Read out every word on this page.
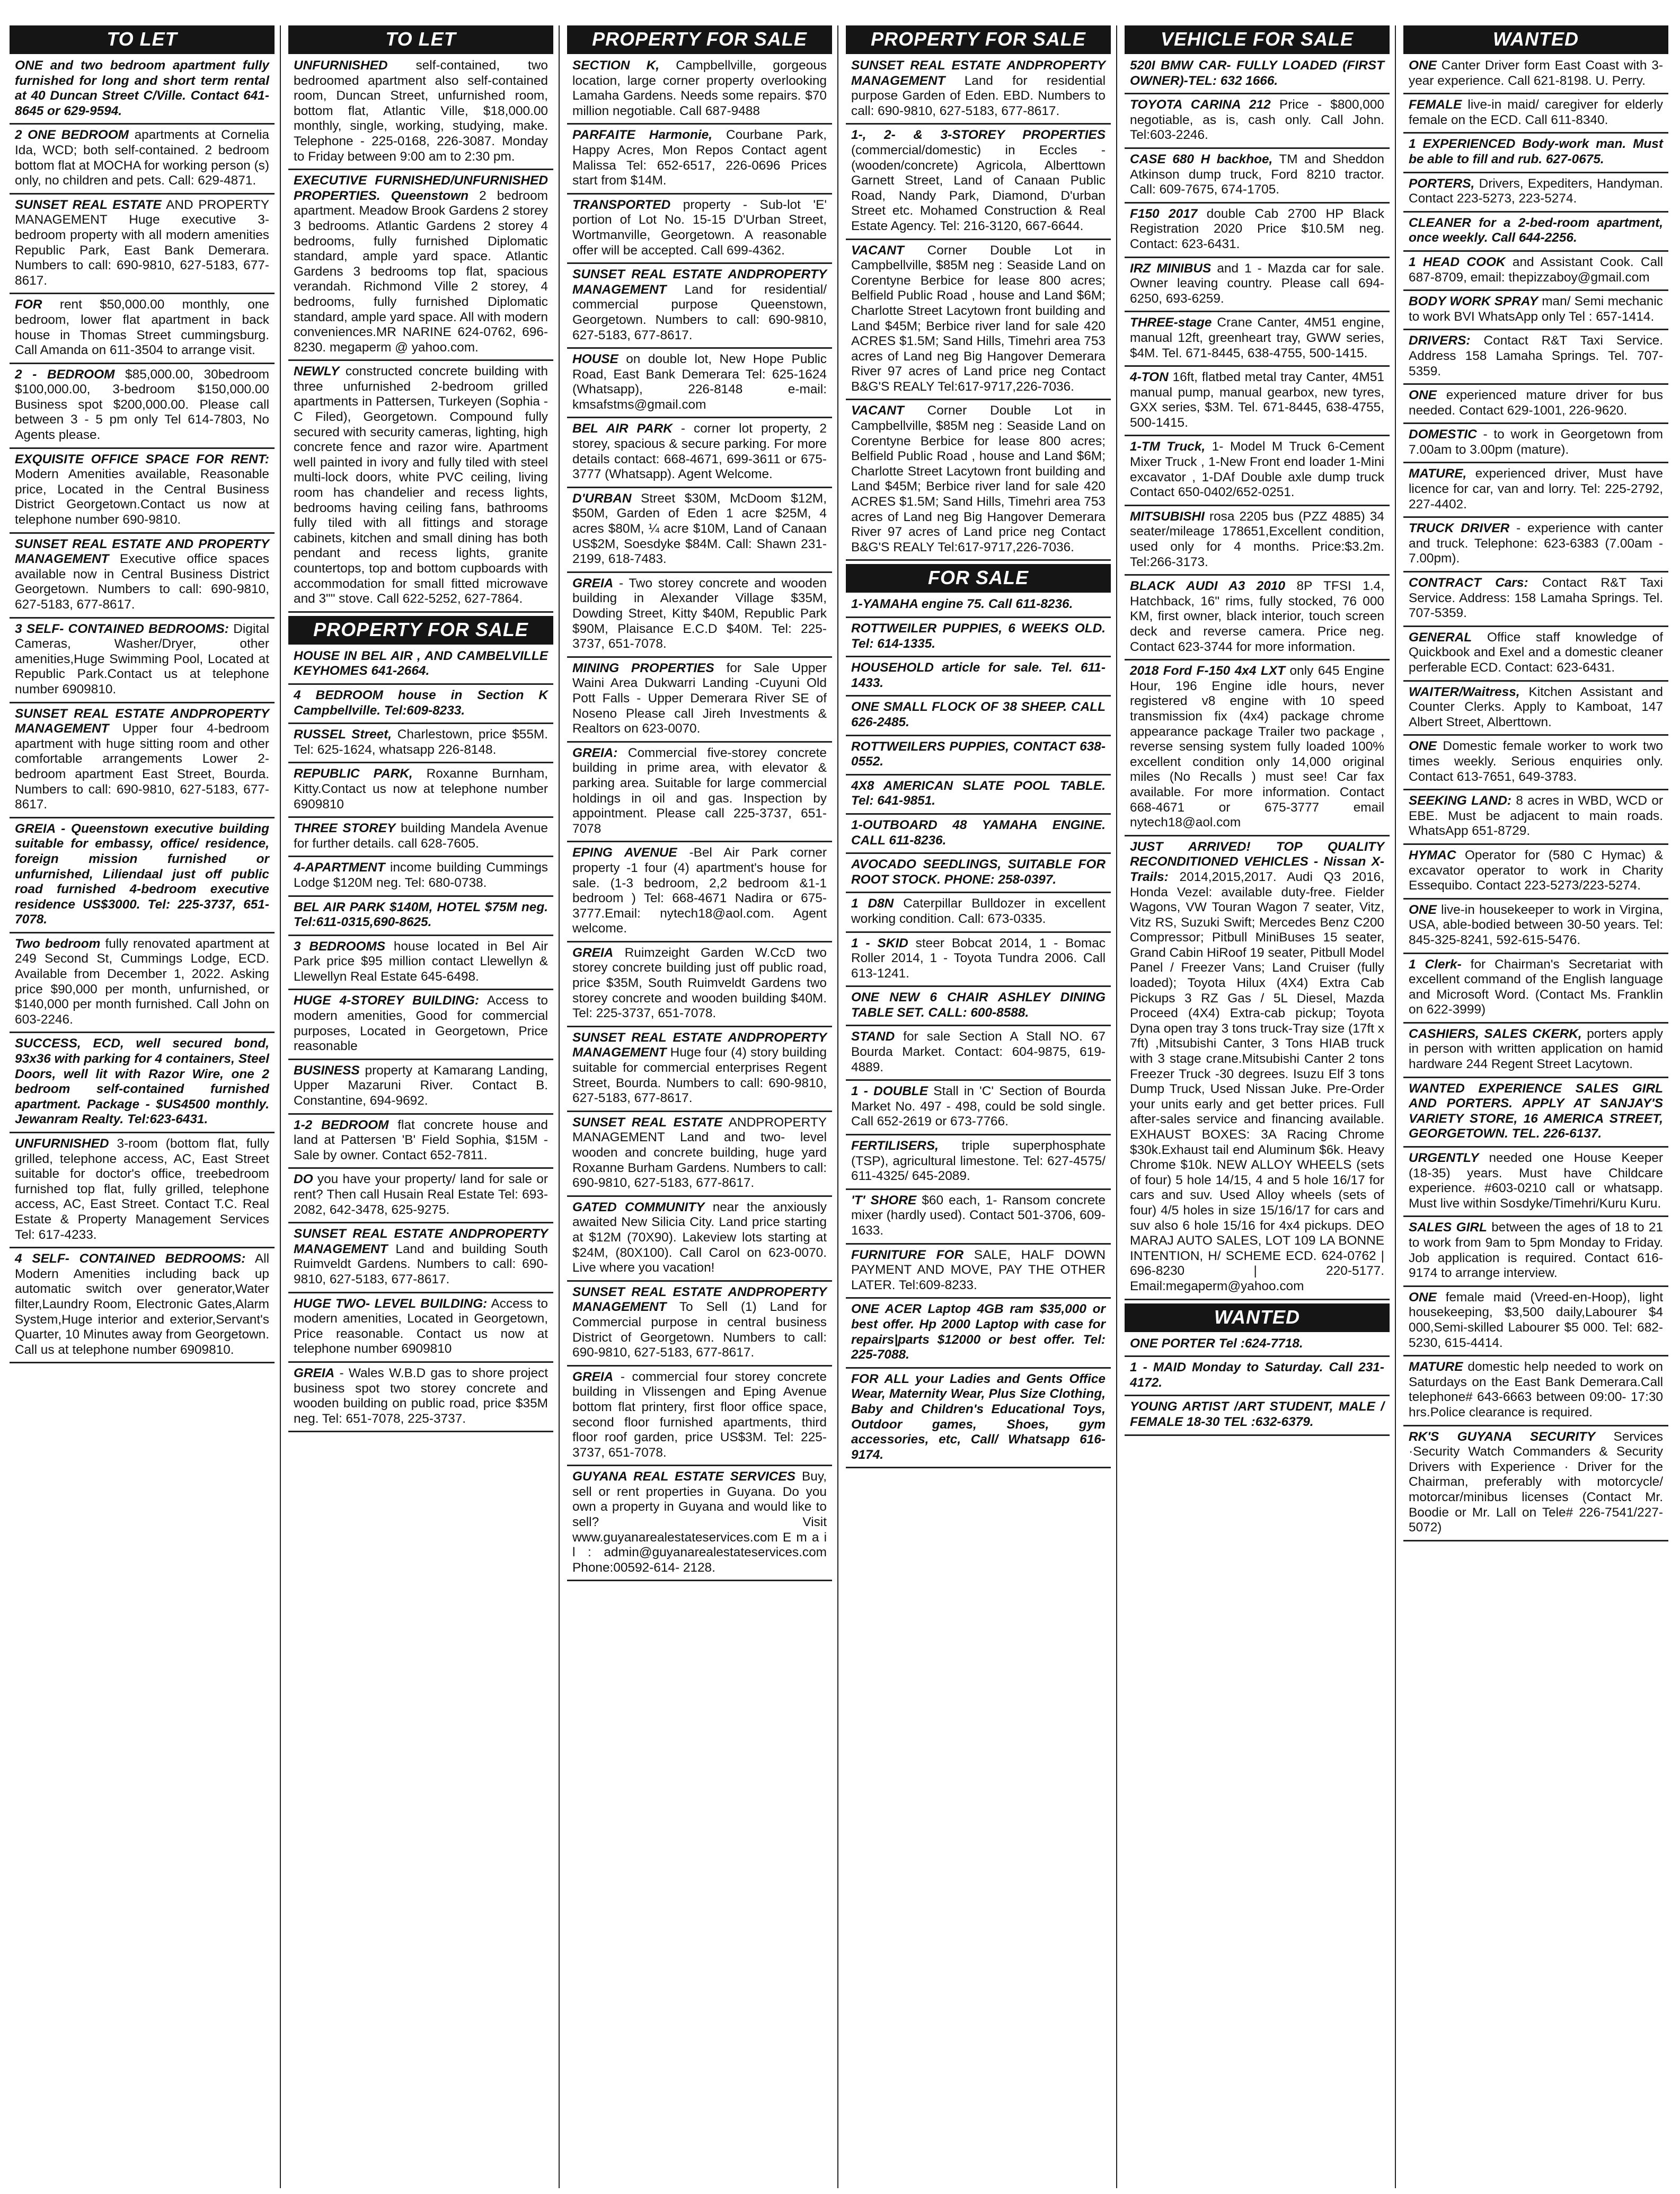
TO LET
ONE and two bedroom apartment fully furnished for long and short term rental at 40 Duncan Street C/Ville. Contact 641-8645 or 629-9594.
2 ONE BEDROOM apartments at Cornelia Ida, WCD; both self-contained. 2 bedroom bottom flat at MOCHA for working person (s) only, no children and pets. Call: 629-4871.
SUNSET REAL ESTATE AND PROPERTY MANAGEMENT Huge executive 3- bedroom property with all modern amenities Republic Park, East Bank Demerara. Numbers to call: 690-9810, 627-5183, 677-8617.
FOR rent $50,000.00 monthly, one bedroom, lower flat apartment in back house in Thomas Street cummingsburg. Call Amanda on 611-3504 to arrange visit.
2 - BEDROOM $85,000.00, 30bedroom $100,000.00, 3-bedroom $150,000.00 Business spot $200,000.00. Please call between 3 - 5 pm only Tel 614-7803, No Agents please.
EXQUISITE OFFICE SPACE FOR RENT: Modern Amenities available, Reasonable price, Located in the Central Business District Georgetown.Contact us now at telephone number 690-9810.
SUNSET REAL ESTATE AND PROPERTY MANAGEMENT Executive office spaces available now in Central Business District Georgetown. Numbers to call: 690-9810, 627-5183, 677-8617.
3 SELF- CONTAINED BEDROOMS: Digital Cameras, Washer/Dryer, other amenities,Huge Swimming Pool, Located at Republic Park.Contact us at telephone number 6909810.
SUNSET REAL ESTATE ANDPROPERTY MANAGEMENT Upper four 4-bedroom apartment with huge sitting room and other comfortable arrangements Lower 2-bedroom apartment East Street, Bourda. Numbers to call: 690-9810, 627-5183, 677-8617.
GREIA - Queenstown executive building suitable for embassy, office/ residence, foreign mission furnished or unfurnished, Liliendaal just off public road furnished 4-bedroom executive residence US$3000. Tel: 225-3737, 651-7078.
Two bedroom fully renovated apartment at 249 Second St, Cummings Lodge, ECD. Available from December 1, 2022. Asking price $90,000 per month, unfurnished, or $140,000 per month furnished. Call John on 603-2246.
SUCCESS, ECD, well secured bond, 93x36 with parking for 4 containers, Steel Doors, well lit with Razor Wire, one 2 bedroom self-contained furnished apartment. Package - $US4500 monthly. Jewanram Realty. Tel:623-6431.
UNFURNISHED 3-room (bottom flat, fully grilled, telephone access, AC, East Street suitable for doctor's office, treebedroom furnished top flat, fully grilled, telephone access, AC, East Street. Contact T.C. Real Estate & Property Management Services Tel: 617-4233.
4 SELF- CONTAINED BEDROOMS: All Modern Amenities including back up automatic switch over generator,Water filter,Laundry Room, Electronic Gates,Alarm System,Huge interior and exterior,Servant's Quarter, 10 Minutes away from Georgetown. Call us at telephone number 6909810.
TO LET
UNFURNISHED self-contained, two bedroomed apartment also self-contained room, Duncan Street, unfurnished room, bottom flat, Atlantic Ville, $18,000.00 monthly, single, working, studying, make. Telephone - 225-0168, 226-3087. Monday to Friday between 9:00 am to 2:30 pm.
EXECUTIVE FURNISHED/UNFURNISHED PROPERTIES. Queenstown 2 bedroom apartment. Meadow Brook Gardens 2 storey 3 bedrooms. Atlantic Gardens 2 storey 4 bedrooms, fully furnished Diplomatic standard, ample yard space. Atlantic Gardens 3 bedrooms top flat, spacious verandah. Richmond Ville 2 storey, 4 bedrooms, fully furnished Diplomatic standard, ample yard space. All with modern conveniences.MR NARINE 624-0762, 696-8230. megaperm @ yahoo.com.
NEWLY constructed concrete building with three unfurnished 2-bedroom grilled apartments in Pattersen, Turkeyen (Sophia - C Filed), Georgetown. Compound fully secured with security cameras, lighting, high concrete fence and razor wire. Apartment well painted in ivory and fully tiled with steel multi-lock doors, white PVC ceiling, living room has chandelier and recess lights, bedrooms having ceiling fans, bathrooms fully tiled with all fittings and storage cabinets, kitchen and small dining has both pendant and recess lights, granite countertops, top and bottom cupboards with accommodation for small fitted microwave and 3"" stove. Call 622-5252, 627-7864.
PROPERTY FOR SALE
HOUSE IN BEL AIR , AND CAMBELVILLE KEYHOMES 641-2664.
4 BEDROOM house in Section K Campbellville. Tel:609-8233.
RUSSEL Street, Charlestown, price $55M. Tel: 625-1624, whatsapp 226-8148.
REPUBLIC PARK, Roxanne Burnham, Kitty.Contact us now at telephone number 6909810
THREE STOREY building Mandela Avenue for further details. call 628-7605.
4-APARTMENT income building Cummings Lodge $120M neg. Tel: 680-0738.
BEL AIR PARK $140M, HOTEL $75M neg. Tel:611-0315,690-8625.
3 BEDROOMS house located in Bel Air Park price $95 million contact Llewellyn & Llewellyn Real Estate 645-6498.
HUGE 4-STOREY BUILDING: Access to modern amenities, Good for commercial purposes, Located in Georgetown, Price reasonable
BUSINESS property at Kamarang Landing, Upper Mazaruni River. Contact B. Constantine, 694-9692.
1-2 BEDROOM flat concrete house and land at Pattersen 'B' Field Sophia, $15M - Sale by owner. Contact 652-7811.
DO you have your property/ land for sale or rent? Then call Husain Real Estate Tel: 693-2082, 642-3478, 625-9275.
SUNSET REAL ESTATE ANDPROPERTY MANAGEMENT Land and building South Ruimveldt Gardens. Numbers to call: 690-9810, 627-5183, 677-8617.
HUGE TWO- LEVEL BUILDING: Access to modern amenities, Located in Georgetown, Price reasonable. Contact us now at telephone number 6909810
GREIA - Wales W.B.D gas to shore project business spot two storey concrete and wooden building on public road, price $35M neg. Tel: 651-7078, 225-3737.
PROPERTY FOR SALE
SECTION K, Campbellville, gorgeous location, large corner property overlooking Lamaha Gardens. Needs some repairs. $70 million negotiable. Call 687-9488
PARFAITE Harmonie, Courbane Park, Happy Acres, Mon Repos Contact agent Malissa Tel: 652-6517, 226-0696 Prices start from $14M.
TRANSPORTED property - Sub-lot 'E' portion of Lot No. 15-15 D'Urban Street, Wortmanville, Georgetown. A reasonable offer will be accepted. Call 699-4362.
SUNSET REAL ESTATE ANDPROPERTY MANAGEMENT Land for residential/ commercial purpose Queenstown, Georgetown. Numbers to call: 690-9810, 627-5183, 677-8617.
HOUSE on double lot, New Hope Public Road, East Bank Demerara Tel: 625-1624 (Whatsapp), 226-8148 e-mail: kmsafstms@gmail.com
BEL AIR PARK - corner lot property, 2 storey, spacious & secure parking. For more details contact: 668-4671, 699-3611 or 675-3777 (Whatsapp). Agent Welcome.
D'URBAN Street $30M, McDoom $12M, $50M, Garden of Eden 1 acre $25M, 4 acres $80M, ¼ acre $10M, Land of Canaan US$2M, Soesdyke $84M. Call: Shawn 231-2199, 618-7483.
GREIA - Two storey concrete and wooden building in Alexander Village $35M, Dowding Street, Kitty $40M, Republic Park $90M, Plaisance E.C.D $40M. Tel: 225-3737, 651-7078.
MINING PROPERTIES for Sale Upper Waini Area Dukwarri Landing -Cuyuni Old Pott Falls - Upper Demerara River SE of Noseno Please call Jireh Investments & Realtors on 623-0070.
GREIA: Commercial five-storey concrete building in prime area, with elevator & parking area. Suitable for large commercial holdings in oil and gas. Inspection by appointment. Please call 225-3737, 651-7078
EPING AVENUE -Bel Air Park corner property -1 four (4) apartment's house for sale. (1-3 bedroom, 2,2 bedroom &1-1 bedroom ) Tel: 668-4671 Nadira or 675-3777.Email: nytech18@aol.com. Agent welcome.
GREIA Ruimzeight Garden W.CcD two storey concrete building just off public road, price $35M, South Ruimveldt Gardens two storey concrete and wooden building $40M. Tel: 225-3737, 651-7078.
SUNSET REAL ESTATE ANDPROPERTY MANAGEMENT Huge four (4) story building suitable for commercial enterprises Regent Street, Bourda. Numbers to call: 690-9810, 627-5183, 677-8617.
SUNSET REAL ESTATE ANDPROPERTY MANAGEMENT Land and two- level wooden and concrete building, huge yard Roxanne Burham Gardens. Numbers to call: 690-9810, 627-5183, 677-8617.
GATED COMMUNITY near the anxiously awaited New Silicia City. Land price starting at $12M (70X90). Lakeview lots starting at $24M, (80X100). Call Carol on 623-0070. Live where you vacation!
SUNSET REAL ESTATE ANDPROPERTY MANAGEMENT To Sell (1) Land for Commercial purpose in central business District of Georgetown. Numbers to call: 690-9810, 627-5183, 677-8617.
GREIA - commercial four storey concrete building in Vlissengen and Eping Avenue bottom flat printery, first floor office space, second floor furnished apartments, third floor roof garden, price US$3M. Tel: 225-3737, 651-7078.
GUYANA REAL ESTATE SERVICES Buy, sell or rent properties in Guyana. Do you own a property in Guyana and would like to sell? Visit www.guyanarealestateservices.com E m a i l : admin@guyanarealestateservices.com Phone:00592-614- 2128.
PROPERTY FOR SALE
SUNSET REAL ESTATE ANDPROPERTY MANAGEMENT Land for residential purpose Garden of Eden. EBD. Numbers to call: 690-9810, 627-5183, 677-8617.
1-, 2- & 3-STOREY PROPERTIES (commercial/domestic) in Eccles - (wooden/concrete) Agricola, Alberttown Garnett Street, Land of Canaan Public Road, Nandy Park, Diamond, D'urban Street etc. Mohamed Construction & Real Estate Agency. Tel: 216-3120, 667-6644.
VACANT Corner Double Lot in Campbellville, $85M neg : Seaside Land on Corentyne Berbice for lease 800 acres; Belfield Public Road , house and Land $6M; Charlotte Street Lacytown front building and Land $45M; Berbice river land for sale 420 ACRES $1.5M; Sand Hills, Timehri area 753 acres of Land neg Big Hangover Demerara River 97 acres of Land price neg Contact B&G'S REALY Tel:617-9717,226-7036.
VACANT Corner Double Lot in Campbellville, $85M neg : Seaside Land on Corentyne Berbice for lease 800 acres; Belfield Public Road , house and Land $6M; Charlotte Street Lacytown front building and Land $45M; Berbice river land for sale 420 ACRES $1.5M; Sand Hills, Timehri area 753 acres of Land neg Big Hangover Demerara River 97 acres of Land price neg Contact B&G'S REALY Tel:617-9717,226-7036.
FOR SALE
1-YAMAHA engine 75. Call 611-8236.
ROTTWEILER PUPPIES, 6 WEEKS OLD. Tel: 614-1335.
HOUSEHOLD article for sale. Tel. 611-1433.
ONE SMALL FLOCK OF 38 SHEEP. CALL 626-2485.
ROTTWEILERS PUPPIES, CONTACT 638-0552.
4X8 AMERICAN SLATE POOL TABLE. Tel: 641-9851.
1-OUTBOARD 48 YAMAHA ENGINE. CALL 611-8236.
AVOCADO SEEDLINGS, SUITABLE FOR ROOT STOCK. PHONE: 258-0397.
1 D8N Caterpillar Bulldozer in excellent working condition. Call: 673-0335.
1 - SKID steer Bobcat 2014, 1 - Bomac Roller 2014, 1 - Toyota Tundra 2006. Call 613-1241.
ONE NEW 6 CHAIR ASHLEY DINING TABLE SET. CALL: 600-8588.
STAND for sale Section A Stall NO. 67 Bourda Market. Contact: 604-9875, 619-4889.
1 - DOUBLE Stall in 'C' Section of Bourda Market No. 497 - 498, could be sold single. Call 652-2619 or 673-7766.
FERTILISERS, triple superphosphate (TSP), agricultural limestone. Tel: 627-4575/ 611-4325/ 645-2089.
'T' SHORE $60 each, 1- Ransom concrete mixer (hardly used). Contact 501-3706, 609-1633.
FURNITURE FOR SALE, HALF DOWN PAYMENT AND MOVE, PAY THE OTHER LATER. Tel:609-8233.
ONE ACER Laptop 4GB ram $35,000 or best offer. Hp 2000 Laptop with case for repairs|parts $12000 or best offer. Tel: 225-7088.
FOR ALL your Ladies and Gents Office Wear, Maternity Wear, Plus Size Clothing, Baby and Children's Educational Toys, Outdoor games, Shoes, gym accessories, etc, Call/ Whatsapp 616-9174.
VEHICLE FOR SALE
520I BMW CAR- FULLY LOADED (FIRST OWNER)-TEL: 632 1666.
TOYOTA CARINA 212 Price - $800,000 negotiable, as is, cash only. Call John. Tel:603-2246.
CASE 680 H backhoe, TM and Sheddon Atkinson dump truck, Ford 8210 tractor. Call: 609-7675, 674-1705.
F150 2017 double Cab 2700 HP Black Registration 2020 Price $10.5M neg. Contact: 623-6431.
IRZ MINIBUS and 1 - Mazda car for sale. Owner leaving country. Please call 694-6250, 693-6259.
THREE-stage Crane Canter, 4M51 engine, manual 12ft, greenheart tray, GWW series, $4M. Tel. 671-8445, 638-4755, 500-1415.
4-TON 16ft, flatbed metal tray Canter, 4M51 manual pump, manual gearbox, new tyres, GXX series, $3M. Tel. 671-8445, 638-4755, 500-1415.
1-TM Truck, 1- Model M Truck 6-Cement Mixer Truck , 1-New Front end loader 1-Mini excavator , 1-DAf Double axle dump truck Contact 650-0402/652-0251.
MITSUBISHI rosa 2205 bus (PZZ 4885) 34 seater/mileage 178651,Excellent condition, used only for 4 months. Price:$3.2m. Tel:266-3173.
BLACK AUDI A3 2010 8P TFSI 1.4, Hatchback, 16" rims, fully stocked, 76 000 KM, first owner, black interior, touch screen deck and reverse camera. Price neg. Contact 623-3744 for more information.
2018 Ford F-150 4x4 LXT only 645 Engine Hour, 196 Engine idle hours, never registered v8 engine with 10 speed transmission fix (4x4) package chrome appearance package Trailer two package , reverse sensing system fully loaded 100% excellent condition only 14,000 original miles (No Recalls ) must see! Car fax available. For more information. Contact 668-4671 or 675-3777 email nytech18@aol.com
JUST ARRIVED! TOP QUALITY RECONDITIONED VEHICLES - Nissan X-Trails: 2014,2015,2017. Audi Q3 2016, Honda Vezel: available duty-free. Fielder Wagons, VW Touran Wagon 7 seater, Vitz, Vitz RS, Suzuki Swift; Mercedes Benz C200 Compressor; Pitbull MiniBuses 15 seater, Grand Cabin HiRoof 19 seater, Pitbull Model Panel / Freezer Vans; Land Cruiser (fully loaded); Toyota Hilux (4X4) Extra Cab Pickups 3 RZ Gas / 5L Diesel, Mazda Proceed (4X4) Extra-cab pickup; Toyota Dyna open tray 3 tons truck-Tray size (17ft x 7ft) ,Mitsubishi Canter, 3 Tons HIAB truck with 3 stage crane.Mitsubishi Canter 2 tons Freezer Truck -30 degrees. Isuzu Elf 3 tons Dump Truck, Used Nissan Juke. Pre-Order your units early and get better prices. Full after-sales service and financing available. EXHAUST BOXES: 3A Racing Chrome $30k.Exhaust tail end Aluminum $6k. Heavy Chrome $10k. NEW ALLOY WHEELS (sets of four) 5 hole 14/15, 4 and 5 hole 16/17 for cars and suv. Used Alloy wheels (sets of four) 4/5 holes in size 15/16/17 for cars and suv also 6 hole 15/16 for 4x4 pickups. DEO MARAJ AUTO SALES, LOT 109 LA BONNE INTENTION, H/ SCHEME ECD. 624-0762 | 696-8230 | 220-5177. Email:megaperm@yahoo.com
WANTED
ONE PORTER Tel :624-7718.
1 - MAID Monday to Saturday. Call 231-4172.
YOUNG ARTIST /ART STUDENT, MALE / FEMALE 18-30 TEL :632-6379.
WANTED
ONE Canter Driver form East Coast with 3-year experience. Call 621-8198. U. Perry.
FEMALE live-in maid/ caregiver for elderly female on the ECD. Call 611-8340.
1 EXPERIENCED Body-work man. Must be able to fill and rub. 627-0675.
PORTERS, Drivers, Expediters, Handyman. Contact 223-5273, 223-5274.
CLEANER for a 2-bed-room apartment, once weekly. Call 644-2256.
1 HEAD COOK and Assistant Cook. Call 687-8709, email: thepizzaboy@gmail.com
BODY WORK SPRAY man/ Semi mechanic to work BVI WhatsApp only Tel : 657-1414.
DRIVERS: Contact R&T Taxi Service. Address 158 Lamaha Springs. Tel. 707-5359.
ONE experienced mature driver for bus needed. Contact 629-1001, 226-9620.
DOMESTIC - to work in Georgetown from 7.00am to 3.00pm (mature).
MATURE, experienced driver, Must have licence for car, van and lorry. Tel: 225-2792, 227-4402.
TRUCK DRIVER - experience with canter and truck. Telephone: 623-6383 (7.00am - 7.00pm).
CONTRACT Cars: Contact R&T Taxi Service. Address: 158 Lamaha Springs. Tel. 707-5359.
GENERAL Office staff knowledge of Quickbook and Exel and a domestic cleaner perferable ECD. Contact: 623-6431.
WAITER/Waitress, Kitchen Assistant and Counter Clerks. Apply to Kamboat, 147 Albert Street, Alberttown.
ONE Domestic female worker to work two times weekly. Serious enquiries only. Contact 613-7651, 649-3783.
SEEKING LAND: 8 acres in WBD, WCD or EBE. Must be adjacent to main roads. WhatsApp 651-8729.
HYMAC Operator for (580 C Hymac) & excavator operator to work in Charity Essequibo. Contact 223-5273/223-5274.
ONE live-in housekeeper to work in Virgina, USA, able-bodied between 30-50 years. Tel: 845-325-8241, 592-615-5476.
1 Clerk- for Chairman's Secretariat with excellent command of the English language and Microsoft Word. (Contact Ms. Franklin on 622-3999)
CASHIERS, SALES CKERK, porters apply in person with written application on hamid hardware 244 Regent Street Lacytown.
WANTED EXPERIENCE SALES GIRL AND PORTERS. APPLY AT SANJAY'S VARIETY STORE, 16 AMERICA STREET, GEORGETOWN. TEL. 226-6137.
URGENTLY needed one House Keeper (18-35) years. Must have Childcare experience. #603-0210 call or whatsapp. Must live within Sosdyke/Timehri/Kuru Kuru.
SALES GIRL between the ages of 18 to 21 to work from 9am to 5pm Monday to Friday. Job application is required. Contact 616-9174 to arrange interview.
ONE female maid (Vreed-en-Hoop), light housekeeping, $3,500 daily,Labourer $4 000,Semi-skilled Labourer $5 000. Tel: 682-5230, 615-4414.
MATURE domestic help needed to work on Saturdays on the East Bank Demerara.Call telephone# 643-6663 between 09:00- 17:30 hrs.Police clearance is required.
RK'S GUYANA SECURITY Services ·Security Watch Commanders & Security Drivers with Experience · Driver for the Chairman, preferably with motorcycle/ motorcar/minibus licenses (Contact Mr. Boodie or Mr. Lall on Tele# 226-7541/227-5072)
